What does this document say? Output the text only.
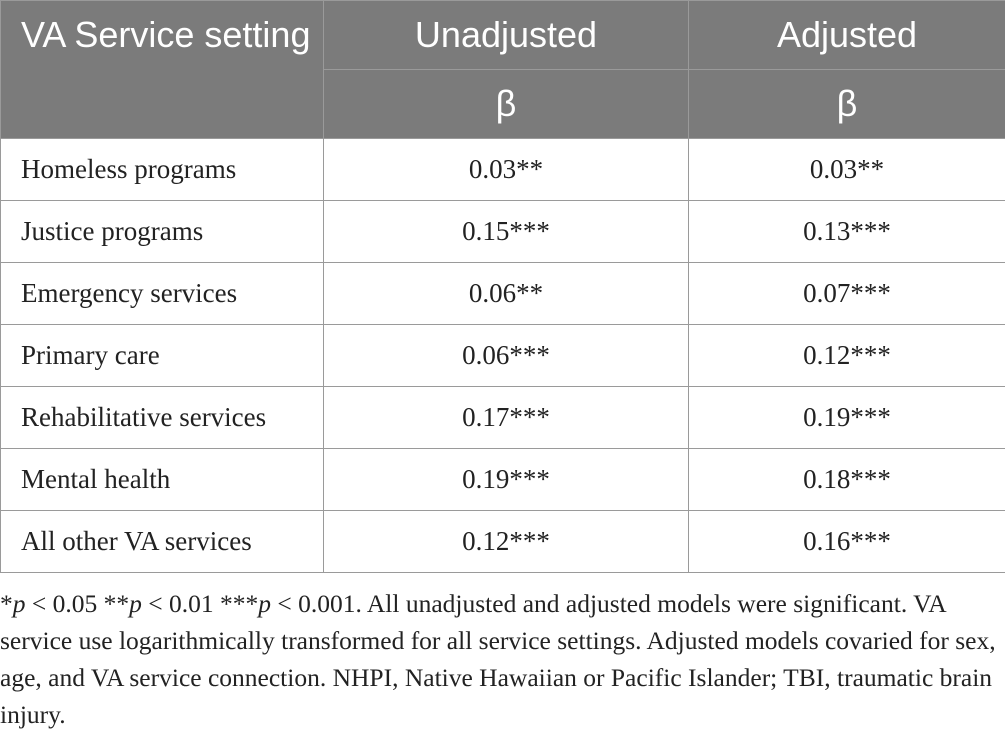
VA Service setting	Unadjusted	Adjusted
	β	β
Homeless programs	0.03**	0.03**
Justice programs	0.15***	0.13***
Emergency services	0.06**	0.07***
Primary care	0.06***	0.12***
Rehabilitative services	0.17***	0.19***
Mental health	0.19***	0.18***
All other VA services	0.12***	0.16***
*p < 0.05 **p < 0.01 ***p < 0.001. All unadjusted and adjusted models were significant. VA service use logarithmically transformed for all service settings. Adjusted models covaried for sex, age, and VA service connection. NHPI, Native Hawaiian or Pacific Islander; TBI, traumatic brain injury.
